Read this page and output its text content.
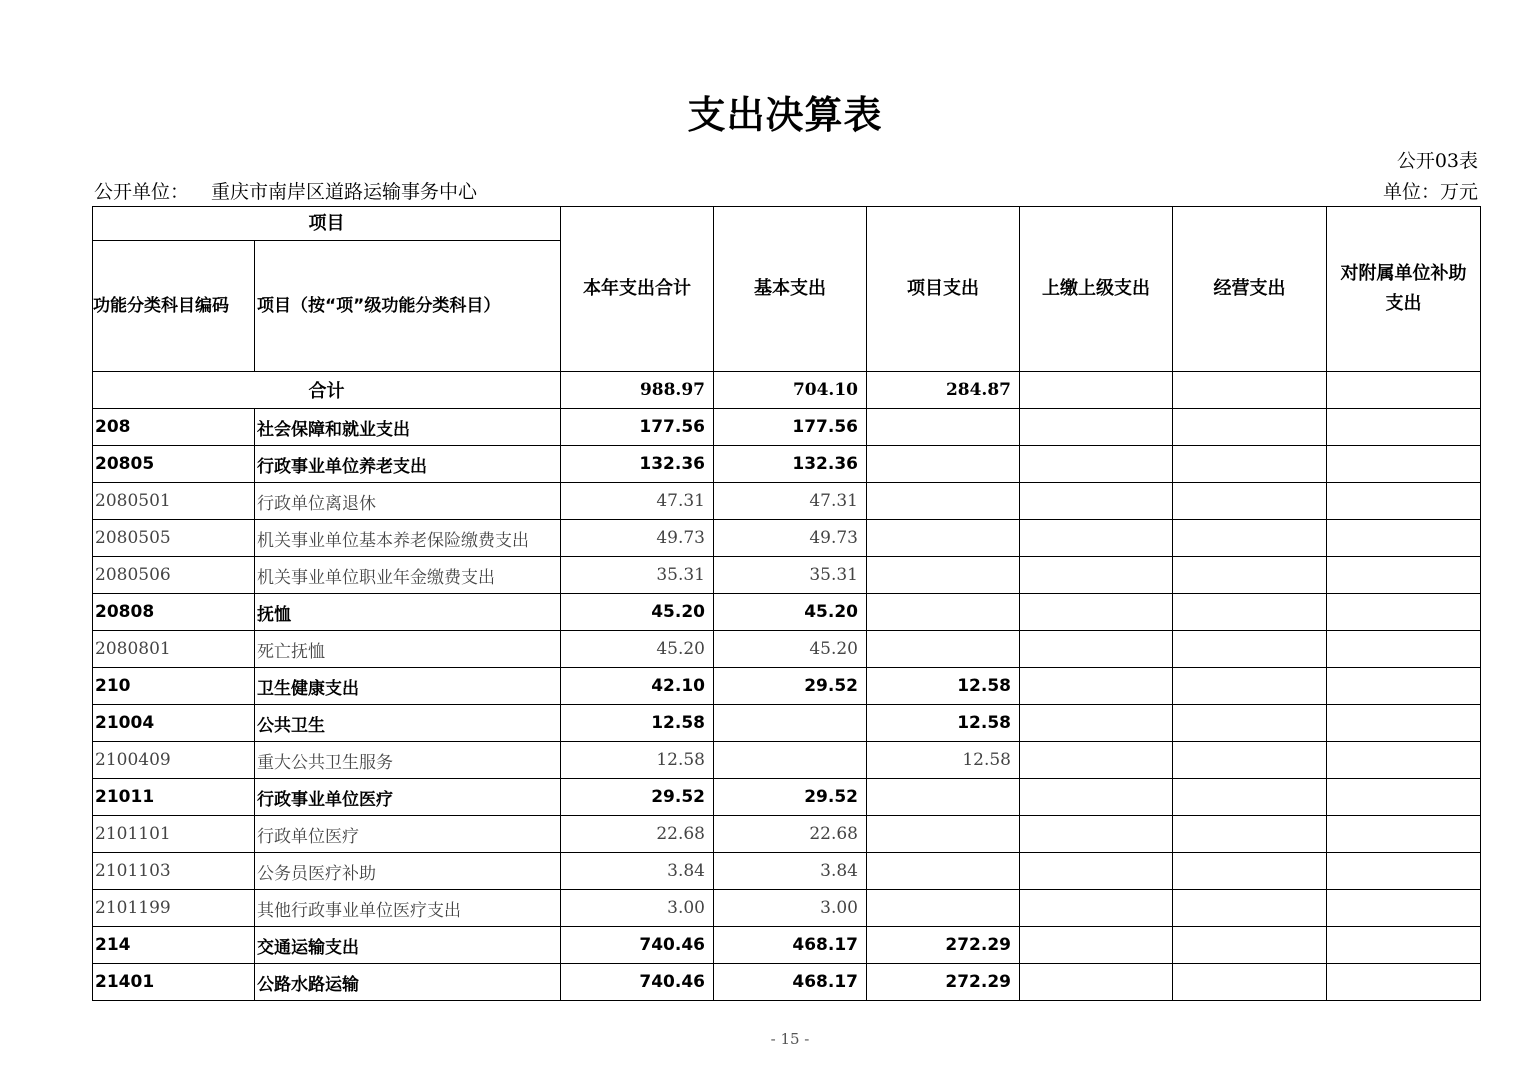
支出决算表
公开03表
公开单位： 重庆市南岸区道路运输事务中心	单位：万元
项目		本年支出合计	基本支出	项目支出	上缴上级支出	经营支出	对附属单位补助支出
功能分类科目编码	项目（按“项”级功能分类科目）						
合计		988.97	704.10	284.87			
208	社会保障和就业支出	177.56	177.56				
20805	行政事业单位养老支出	132.36	132.36				
2080501	行政单位离退休	47.31	47.31				
2080505	机关事业单位基本养老保险缴费支出	49.73	49.73				
2080506	机关事业单位职业年金缴费支出	35.31	35.31				
20808	抚恤	45.20	45.20				
2080801	死亡抚恤	45.20	45.20				
210	卫生健康支出	42.10	29.52	12.58			
21004	公共卫生	12.58		12.58			
2100409	重大公共卫生服务	12.58		12.58			
21011	行政事业单位医疗	29.52	29.52				
2101101	行政单位医疗	22.68	22.68				
2101103	公务员医疗补助	3.84	3.84				
2101199	其他行政事业单位医疗支出	3.00	3.00				
214	交通运输支出	740.46	468.17	272.29			
21401	公路水路运输	740.46	468.17	272.29			
- 15 -
